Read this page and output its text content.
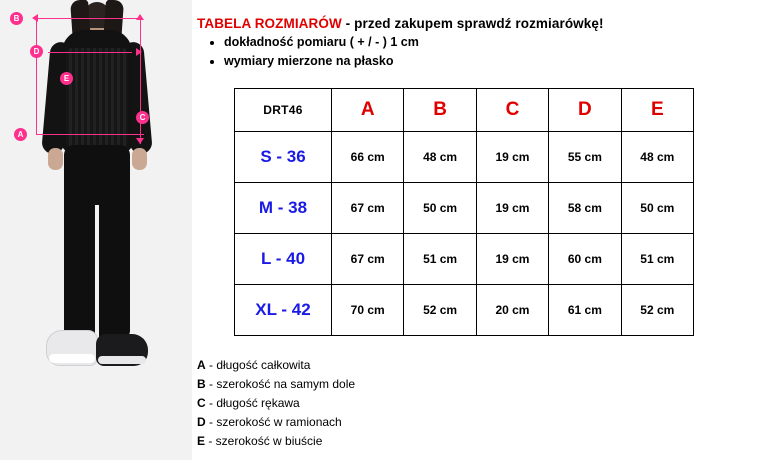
B
D
E
C
A
TABELA ROZMIARÓW - przed zakupem sprawdź rozmiarówkę!
• dokładność pomiaru ( + / - ) 1 cm
• wymiary mierzone na płasko
DRT46	A	B	C	D	E
S - 36	66 cm	48 cm	19 cm	55 cm	48 cm
M - 38	67 cm	50 cm	19 cm	58 cm	50 cm
L - 40	67 cm	51 cm	19 cm	60 cm	51 cm
XL - 42	70 cm	52 cm	20 cm	61 cm	52 cm
A - długość całkowita
B - szerokość na samym dole
C - długość rękawa
D - szerokość w ramionach
E - szerokość w biuście
